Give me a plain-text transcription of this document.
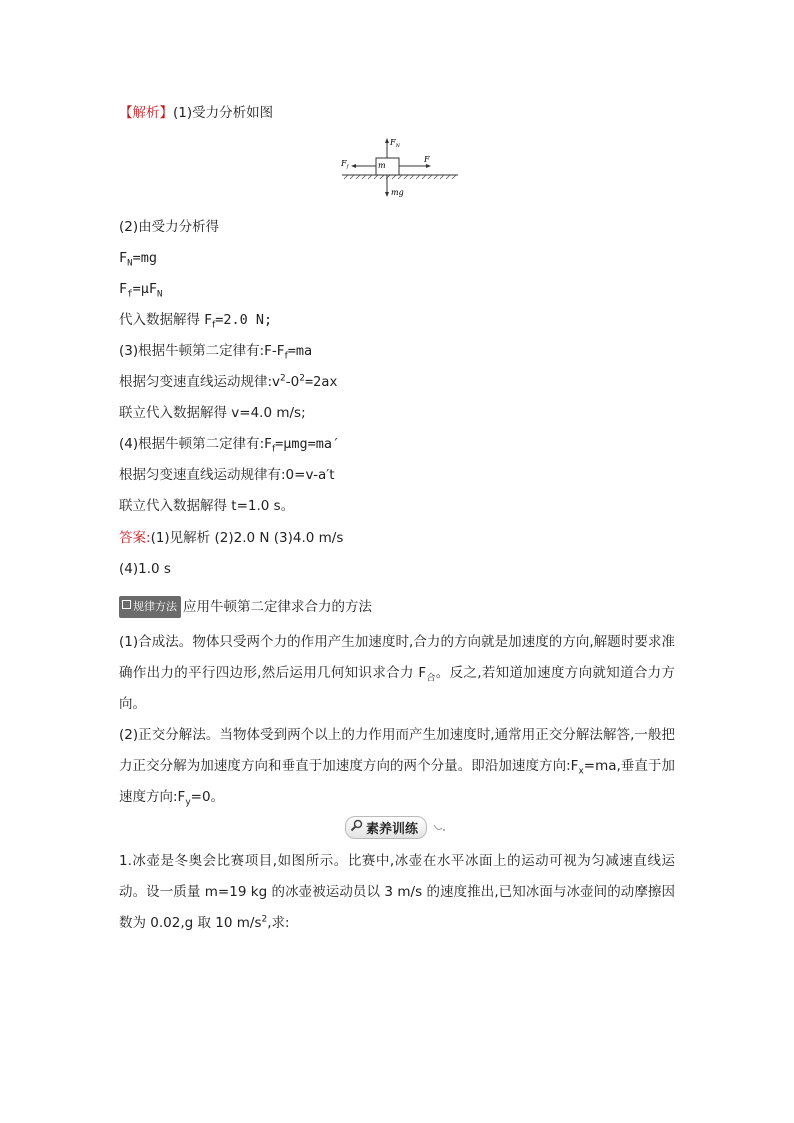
【解析】(1)受力分析如图
m
$F_N$
mg
$F_f$
F
(2)由受力分析得
$F_N=mg$
$F_f=\mu F_N$
代入数据解得 $F_f=2.0$ N;
(3)根据牛顿第二定律有$:F-F_f=ma$
根据匀变速直线运动规律$:v^2-0^2=2ax$
联立代入数据解得 v=4.0 m/s;
(4)根据牛顿第二定律有$:F_f=\mu mg=ma'$
根据匀变速直线运动规律有:0=v-a′t
联立代入数据解得 t=1.0 s。
答案:(1)见解析 (2)2.0 N (3)4.0 m/s
(4)1.0 s
规律方法 应用牛顿第二定律求合力的方法
(1)合成法。物体只受两个力的作用产生加速度时,合力的方向就是加速度的方向,解题时要求准确作出力的平行四边形,然后运用几何知识求合力 $F_合$。反之,若知道加速度方向就知道合力方向。
(2)正交分解法。当物体受到两个以上的力作用而产生加速度时,通常用正交分解法解答,一般把力正交分解为加速度方向和垂直于加速度方向的两个分量。即沿加速度方向$:F_x=ma$,垂直于加速度方向$:F_y=0$。
素养训练
1.冰壶是冬奥会比赛项目,如图所示。比赛中,冰壶在水平冰面上的运动可视为匀减速直线运动。设一质量 m=19 kg 的冰壶被运动员以 3 m/s 的速度推出,已知冰面与冰壶间的动摩擦因数为 0.02,g 取 10 $m/s^2$,求:
